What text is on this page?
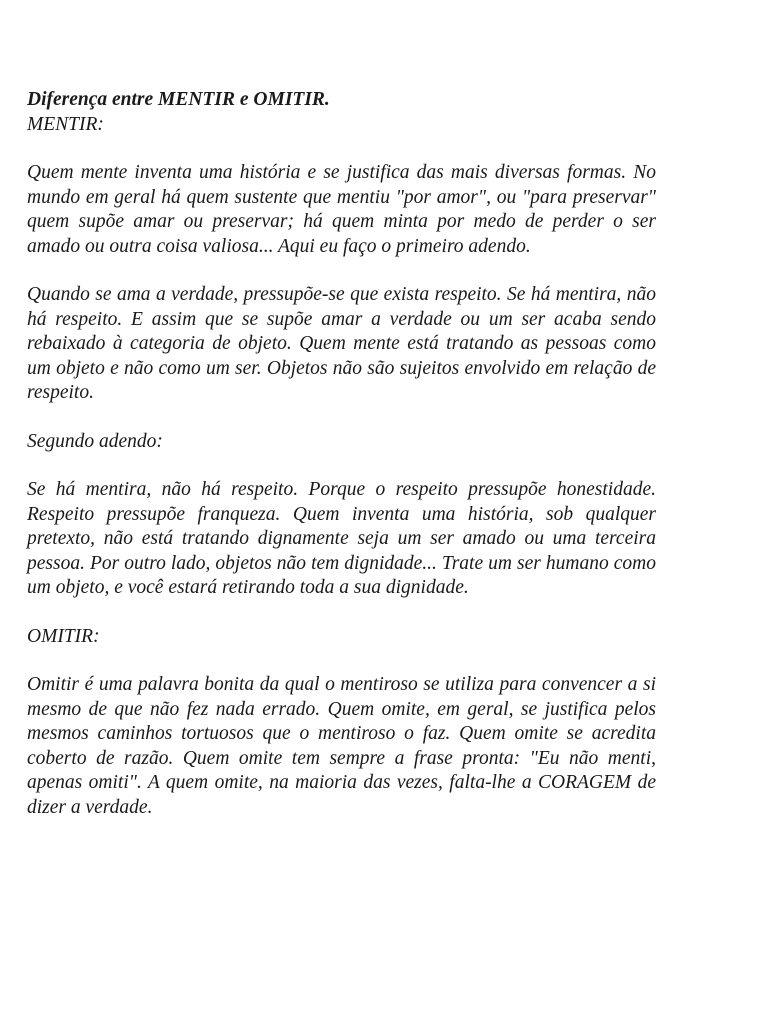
Diferença entre MENTIR e OMITIR.

MENTIR:

Quem mente inventa uma história e se justifica das mais diversas formas. No mundo em geral há quem sustente que mentiu "por amor", ou "para preservar" quem supõe amar ou preservar; há quem minta por medo de perder o ser amado ou outra coisa valiosa... Aqui eu faço o primeiro adendo.

Quando se ama a verdade, pressupõe-se que exista respeito. Se há mentira, não há respeito. E assim que se supõe amar a verdade ou um ser acaba sendo rebaixado à categoria de objeto. Quem mente está tratando as pessoas como um objeto e não como um ser. Objetos não são sujeitos envolvido em relação de respeito.

Segundo adendo:

Se há mentira, não há respeito. Porque o respeito pressupõe honestidade. Respeito pressupõe franqueza. Quem inventa uma história, sob qualquer pretexto, não está tratando dignamente seja um ser amado ou uma terceira pessoa. Por outro lado, objetos não tem dignidade... Trate um ser humano como um objeto, e você estará retirando toda a sua dignidade.

OMITIR:

Omitir é uma palavra bonita da qual o mentiroso se utiliza para convencer a si mesmo de que não fez nada errado. Quem omite, em geral, se justifica pelos mesmos caminhos tortuosos que o mentiroso o faz. Quem omite se acredita coberto de razão. Quem omite tem sempre a frase pronta: "Eu não menti, apenas omiti". A quem omite, na maioria das vezes, falta-lhe a CORAGEM de dizer a verdade.
